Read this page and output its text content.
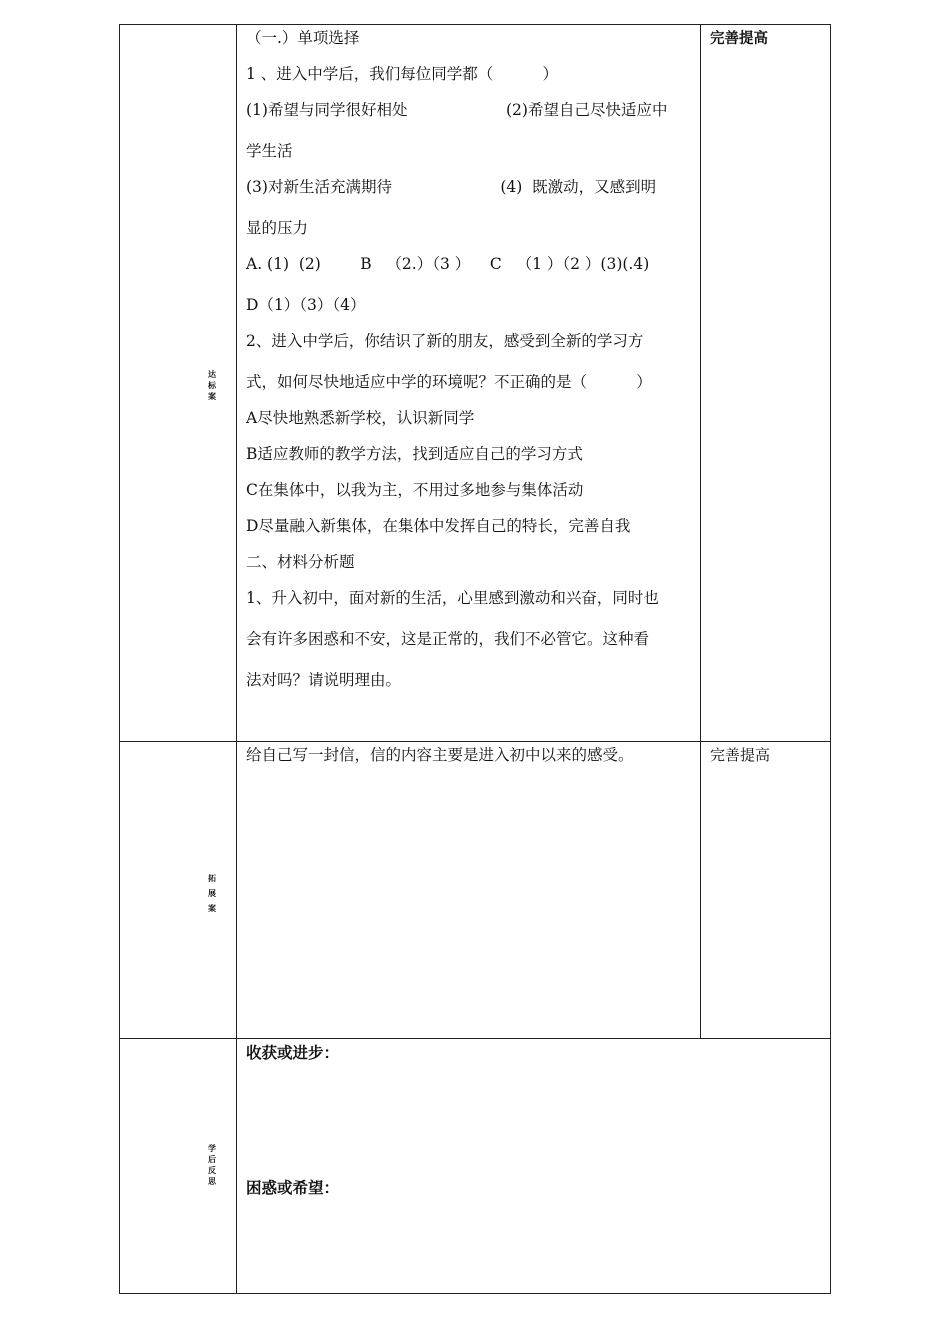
达
标
案
完善提高
（一.）单项选择
1 、进入中学后，我们每位同学都（          ）
(1)希望与同学很好相处                    (2)希望自己尽快适应中
学生活
(3)对新生活充满期待                      (4)  既激动，又感到明
显的压力
A. (1)  (2)        B   （2.）（3 ）    C   （1 ）（2 ）(3)(.4)
D（1）（3）（4）
2、进入中学后，你结识了新的朋友，感受到全新的学习方
式，如何尽快地适应中学的环境呢？不正确的是（          ）
A尽快地熟悉新学校，认识新同学
B适应教师的教学方法，找到适应自己的学习方式
C在集体中，以我为主，不用过多地参与集体活动
D尽量融入新集体，在集体中发挥自己的特长，完善自我
二、材料分析题
1、升入初中，面对新的生活，心里感到激动和兴奋，同时也
会有许多困惑和不安，这是正常的，我们不必管它。这种看
法对吗？请说明理由。
拓
展
案
给自己写一封信，信的内容主要是进入初中以来的感受。	完善提高
学
后
反
思
收获或进步：
困惑或希望：
